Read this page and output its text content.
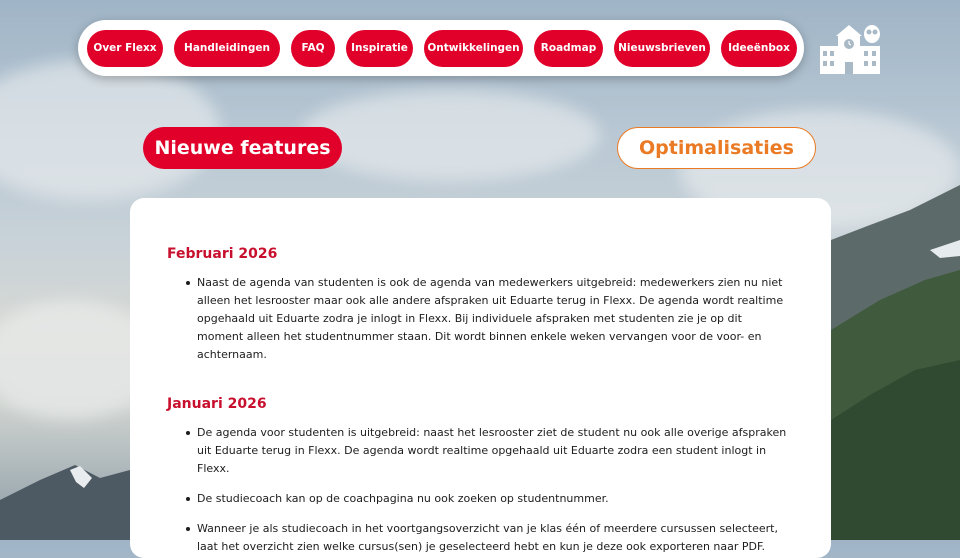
Over Flexx	Handleidingen	FAQ	Inspiratie	Ontwikkelingen	Roadmap	Nieuwsbrieven	Ideeënbox
Nieuwe features	Optimalisaties
Februari 2026
Naast de agenda van studenten is ook de agenda van medewerkers uitgebreid: medewerkers zien nu niet alleen het lesrooster maar ook alle andere afspraken uit Eduarte terug in Flexx. De agenda wordt realtime opgehaald uit Eduarte zodra je inlogt in Flexx. Bij individuele afspraken met studenten zie je op dit moment alleen het studentnummer staan. Dit wordt binnen enkele weken vervangen voor de voor- en achternaam.
Januari 2026
De agenda voor studenten is uitgebreid: naast het lesrooster ziet de student nu ook alle overige afspraken uit Eduarte terug in Flexx. De agenda wordt realtime opgehaald uit Eduarte zodra een student inlogt in Flexx.
De studiecoach kan op de coachpagina nu ook zoeken op studentnummer.
Wanneer je als studiecoach in het voortgangsoverzicht van je klas één of meerdere cursussen selecteert, laat het overzicht zien welke cursus(sen) je geselecteerd hebt en kun je deze ook exporteren naar PDF.
